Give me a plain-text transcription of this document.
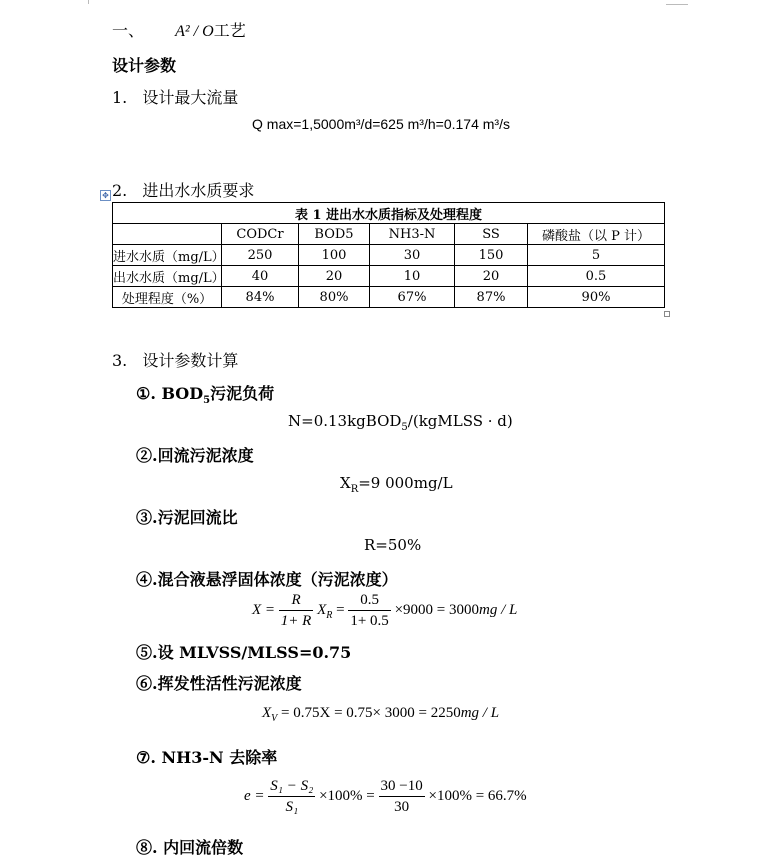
一、 A² / O工艺
设计参数
1. 设计最大流量
Q max=1,5000m³/d=625 m³/h=0.174 m³/s
2. 进出水水质要求
✥
表 1 进出水水质指标及处理程度					
	CODCr	BOD5	NH3-N	SS	磷酸盐（以 P 计）
进水水质（mg/L）	250	100	30	150	5
出水水质（mg/L）	40	20	10	20	0.5
处理程度（%）	84%	80%	67%	87%	90%
3. 设计参数计算
①. $BOD_5$污泥负荷
N=0.13kgBOD$_5$/(kgMLSS · d)
②.回流污泥浓度
$X_R=9$ 000mg/L
③.污泥回流比
R=50%
④.混合液悬浮固体浓度（污泥浓度）
$X = \frac{R}{1+ R} X_R = \frac{0.5}{1+ 0.5} \times 9000 = 3000mg / L$
⑤.设 MLVSS/MLSS=0.75
⑥.挥发性活性污泥浓度
$X_V = 0.75X = 0.75\times 3000 = 2250mg / L$
⑦. NH3-N 去除率
$e = \frac{\text{S₁ − S₂}}{\text{S₁}} \times 100\% = \frac{30 -10}{30} \times 100\% = 66.7\%$
⑧. 内回流倍数
